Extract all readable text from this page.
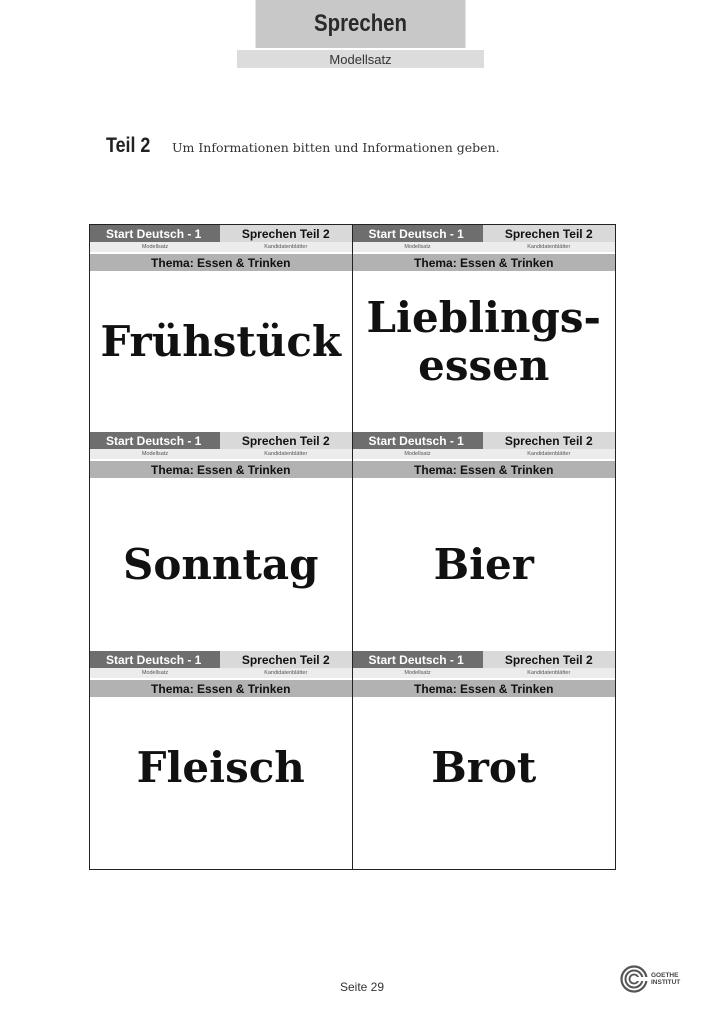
Sprechen
Modellsatz
Teil 2	Um Informationen bitten und Informationen geben.
Start Deutsch - 1	Sprechen Teil 2
Modellsatz	Kandidatenblätter
Thema: Essen & Trinken
Frühstück
Start Deutsch - 1	Sprechen Teil 2
Modellsatz	Kandidatenblätter
Thema: Essen & Trinken
Lieblings-
essen
Start Deutsch - 1	Sprechen Teil 2
Modellsatz	Kandidatenblätter
Thema: Essen & Trinken
Sonntag
Start Deutsch - 1	Sprechen Teil 2
Modellsatz	Kandidatenblätter
Thema: Essen & Trinken
Bier
Start Deutsch - 1	Sprechen Teil 2
Modellsatz	Kandidatenblätter
Thema: Essen & Trinken
Fleisch
Start Deutsch - 1	Sprechen Teil 2
Modellsatz	Kandidatenblätter
Thema: Essen & Trinken
Brot
Seite 29
GOETHE
INSTITUT
